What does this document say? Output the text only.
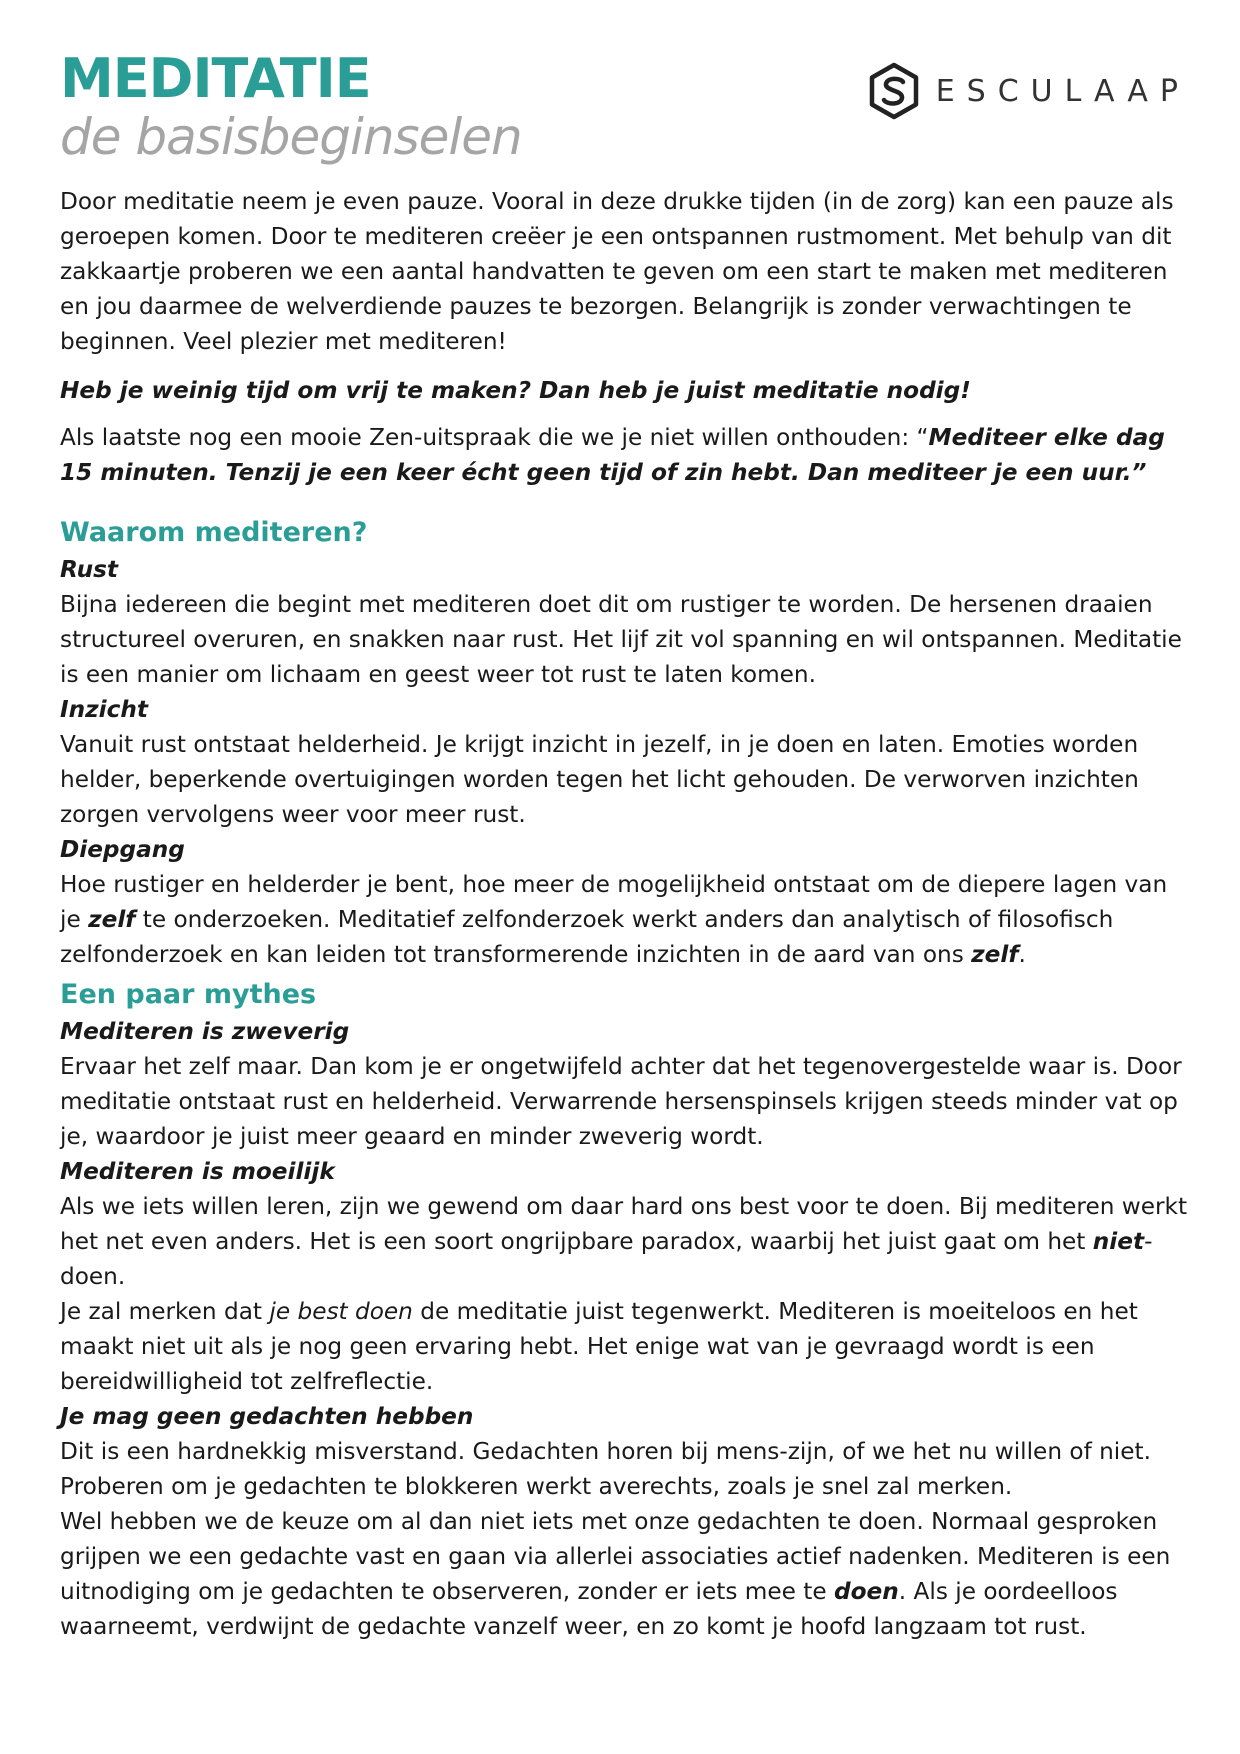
ESCULAAP
MEDITATIE
de basisbeginselen

Door meditatie neem je even pauze. Vooral in deze drukke tijden (in de zorg) kan een pauze als geroepen komen. Door te mediteren creëer je een ontspannen rustmoment. Met behulp van dit zakkaartje proberen we een aantal handvatten te geven om een start te maken met mediteren en jou daarmee de welverdiende pauzes te bezorgen. Belangrijk is zonder verwachtingen te beginnen. Veel plezier met mediteren!

Heb je weinig tijd om vrij te maken? Dan heb je juist meditatie nodig!

Als laatste nog een mooie Zen-uitspraak die we je niet willen onthouden: “Mediteer elke dag 15 minuten. Tenzij je een keer écht geen tijd of zin hebt. Dan mediteer je een uur.”

Waarom mediteren?
Rust

Bijna iedereen die begint met mediteren doet dit om rustiger te worden. De hersenen draaien structureel overuren, en snakken naar rust. Het lijf zit vol spanning en wil ontspannen. Meditatie is een manier om lichaam en geest weer tot rust te laten komen.

Inzicht

Vanuit rust ontstaat helderheid. Je krijgt inzicht in jezelf, in je doen en laten. Emoties worden helder, beperkende overtuigingen worden tegen het licht gehouden. De verworven inzichten zorgen vervolgens weer voor meer rust.

Diepgang

Hoe rustiger en helderder je bent, hoe meer de mogelijkheid ontstaat om de diepere lagen van je zelf te onderzoeken. Meditatief zelfonderzoek werkt anders dan analytisch of filosofisch zelfonderzoek en kan leiden tot transformerende inzichten in de aard van ons zelf.

Een paar mythes
Mediteren is zweverig

Ervaar het zelf maar. Dan kom je er ongetwijfeld achter dat het tegenovergestelde waar is. Door meditatie ontstaat rust en helderheid. Verwarrende hersenspinsels krijgen steeds minder vat op je, waardoor je juist meer geaard en minder zweverig wordt.

Mediteren is moeilijk

Als we iets willen leren, zijn we gewend om daar hard ons best voor te doen. Bij mediteren werkt het net even anders. Het is een soort ongrijpbare paradox, waarbij het juist gaat om het niet-doen.

Je zal merken dat je best doen de meditatie juist tegenwerkt. Mediteren is moeiteloos en het maakt niet uit als je nog geen ervaring hebt. Het enige wat van je gevraagd wordt is een bereidwilligheid tot zelfreflectie.

Je mag geen gedachten hebben

Dit is een hardnekkig misverstand. Gedachten horen bij mens-zijn, of we het nu willen of niet. Proberen om je gedachten te blokkeren werkt averechts, zoals je snel zal merken.

Wel hebben we de keuze om al dan niet iets met onze gedachten te doen. Normaal gesproken grijpen we een gedachte vast en gaan via allerlei associaties actief nadenken. Mediteren is een uitnodiging om je gedachten te observeren, zonder er iets mee te doen. Als je oordeelloos waarneemt, verdwijnt de gedachte vanzelf weer, en zo komt je hoofd langzaam tot rust.
